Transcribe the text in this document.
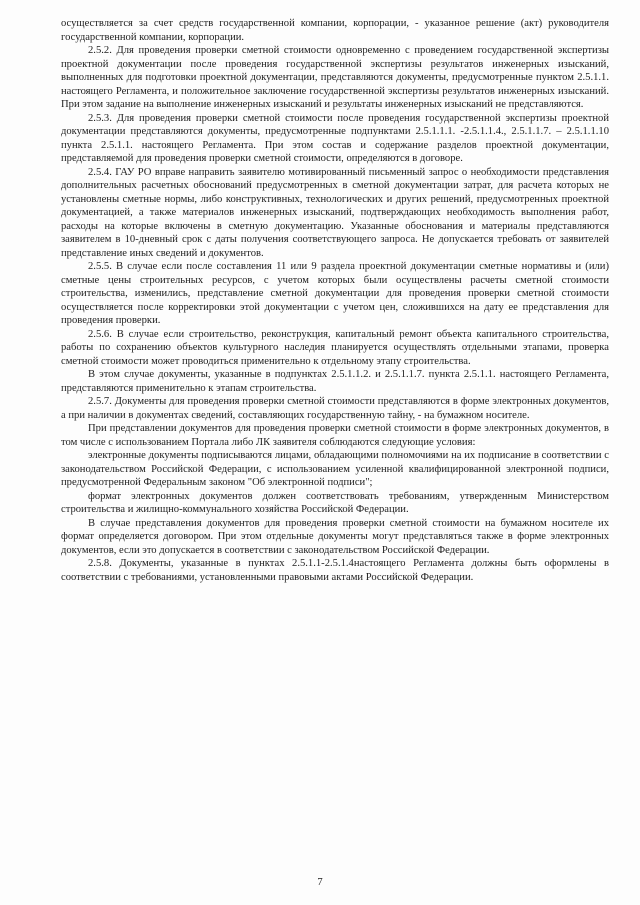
осуществляется за счет средств государственной компании, корпорации, - указанное решение (акт) руководителя государственной компании, корпорации.

2.5.2. Для проведения проверки сметной стоимости одновременно с проведением государственной экспертизы проектной документации после проведения государственной экспертизы результатов инженерных изысканий, выполненных для подготовки проектной документации, представляются документы, предусмотренные пунктом 2.5.1.1. настоящего Регламента, и положительное заключение государственной экспертизы результатов инженерных изысканий. При этом задание на выполнение инженерных изысканий и результаты инженерных изысканий не представляются.

2.5.3. Для проведения проверки сметной стоимости после проведения государственной экспертизы проектной документации представляются документы, предусмотренные подпунктами 2.5.1.1.1. -2.5.1.1.4., 2.5.1.1.7. – 2.5.1.1.10 пункта 2.5.1.1. настоящего Регламента. При этом состав и содержание разделов проектной документации, представляемой для проведения проверки сметной стоимости, определяются в договоре.

2.5.4. ГАУ РО вправе направить заявителю мотивированный письменный запрос о необходимости представления дополнительных расчетных обоснований предусмотренных в сметной документации затрат, для расчета которых не установлены сметные нормы, либо конструктивных, технологических и других решений, предусмотренных проектной документацией, а также материалов инженерных изысканий, подтверждающих необходимость выполнения работ, расходы на которые включены в сметную документацию. Указанные обоснования и материалы представляются заявителем в 10-дневный срок с даты получения соответствующего запроса. Не допускается требовать от заявителей представление иных сведений и документов.

2.5.5. В случае если после составления 11 или 9 раздела проектной документации сметные нормативы и (или) сметные цены строительных ресурсов, с учетом которых были осуществлены расчеты сметной стоимости строительства, изменились, представление сметной документации для проведения проверки сметной стоимости осуществляется после корректировки этой документации с учетом цен, сложившихся на дату ее представления для проведения проверки.

2.5.6. В случае если строительство, реконструкция, капитальный ремонт объекта капитального строительства, работы по сохранению объектов культурного наследия планируется осуществлять отдельными этапами, проверка сметной стоимости может проводиться применительно к отдельному этапу строительства.

В этом случае документы, указанные в подпунктах 2.5.1.1.2. и 2.5.1.1.7. пункта 2.5.1.1. настоящего Регламента, представляются применительно к этапам строительства.

2.5.7. Документы для проведения проверки сметной стоимости представляются в форме электронных документов, а при наличии в документах сведений, составляющих государственную тайну, - на бумажном носителе.

При представлении документов для проведения проверки сметной стоимости в форме электронных документов, в том числе с использованием Портала либо ЛК заявителя соблюдаются следующие условия:

электронные документы подписываются лицами, обладающими полномочиями на их подписание в соответствии с законодательством Российской Федерации, с использованием усиленной квалифицированной электронной подписи, предусмотренной Федеральным законом "Об электронной подписи";

формат электронных документов должен соответствовать требованиям, утвержденным Министерством строительства и жилищно-коммунального хозяйства Российской Федерации.

В случае представления документов для проведения проверки сметной стоимости на бумажном носителе их формат определяется договором. При этом отдельные документы могут представляться также в форме электронных документов, если это допускается в соответствии с законодательством Российской Федерации.

2.5.8. Документы, указанные в пунктах 2.5.1.1-2.5.1.4настоящего Регламента должны быть оформлены в соответствии с требованиями, установленными правовыми актами Российской Федерации.

7
